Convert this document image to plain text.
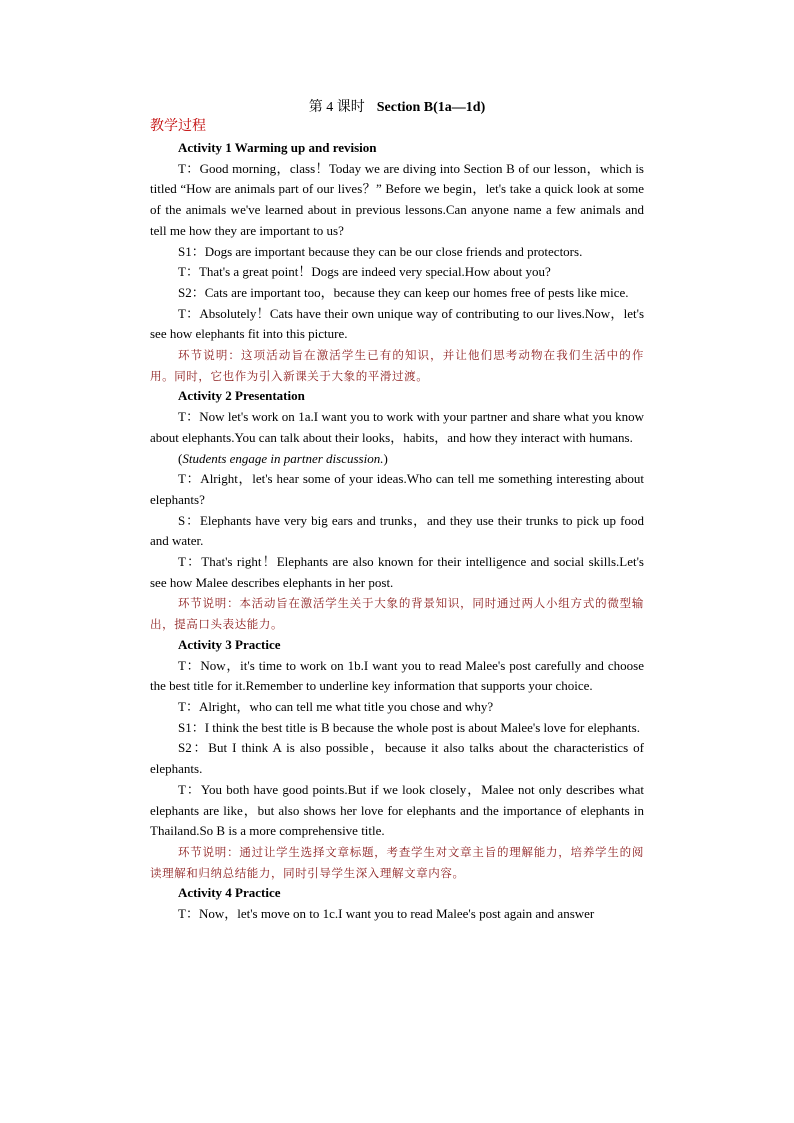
第 4 课时 Section B(1a—1d)
教学过程

Activity 1 Warming up and revision

T：Good morning，class！Today we are diving into Section B of our lesson，which is titled “How are animals part of our lives？” Before we begin，let's take a quick look at some of the animals we've learned about in previous lessons.Can anyone name a few animals and tell me how they are important to us?

S1：Dogs are important because they can be our close friends and protectors.

T：That's a great point！Dogs are indeed very special.How about you?

S2：Cats are important too，because they can keep our homes free of pests like mice.

T：Absolutely！Cats have their own unique way of contributing to our lives.Now，let's see how elephants fit into this picture.

环节说明：这项活动旨在激活学生已有的知识，并让他们思考动物在我们生活中的作用。同时，它也作为引入新课关于大象的平滑过渡。

Activity 2 Presentation

T：Now let's work on 1a.I want you to work with your partner and share what you know about elephants.You can talk about their looks，habits，and how they interact with humans.

(Students engage in partner discussion.)

T：Alright，let's hear some of your ideas.Who can tell me something interesting about elephants?

S：Elephants have very big ears and trunks，and they use their trunks to pick up food and water.

T：That's right！Elephants are also known for their intelligence and social skills.Let's see how Malee describes elephants in her post.

环节说明：本活动旨在激活学生关于大象的背景知识，同时通过两人小组方式的微型输出，提高口头表达能力。

Activity 3 Practice

T：Now，it's time to work on 1b.I want you to read Malee's post carefully and choose the best title for it.Remember to underline key information that supports your choice.

T：Alright，who can tell me what title you chose and why?

S1：I think the best title is B because the whole post is about Malee's love for elephants.

S2：But I think A is also possible，because it also talks about the characteristics of elephants.

T：You both have good points.But if we look closely，Malee not only describes what elephants are like，but also shows her love for elephants and the importance of elephants in Thailand.So B is a more comprehensive title.

环节说明：通过让学生选择文章标题，考查学生对文章主旨的理解能力，培养学生的阅读理解和归纳总结能力，同时引导学生深入理解文章内容。

Activity 4 Practice

T：Now，let's move on to 1c.I want you to read Malee's post again and answer
